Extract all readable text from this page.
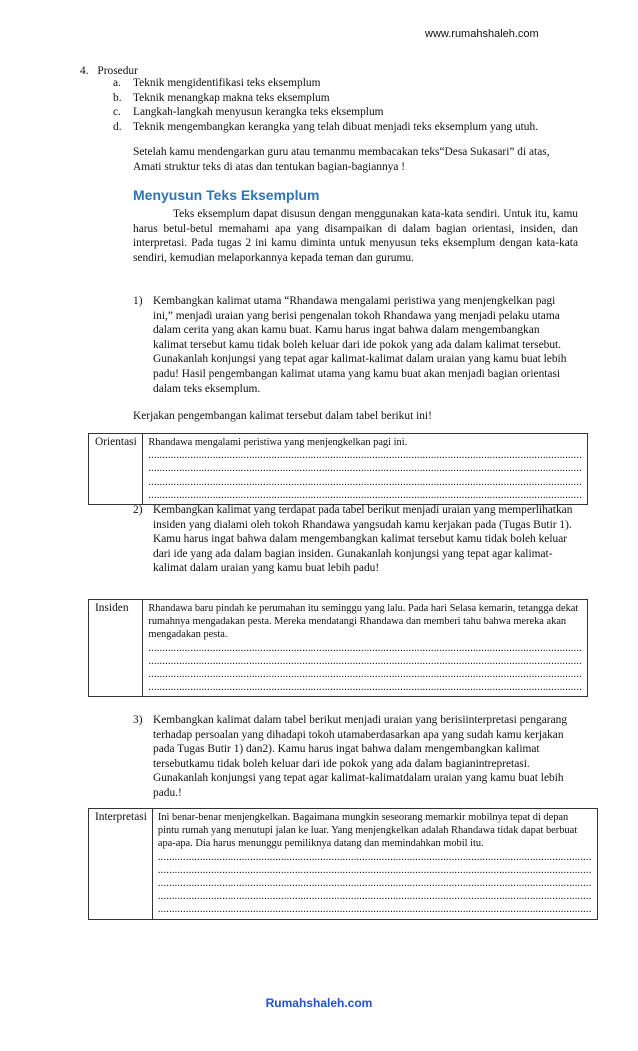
www.rumahshaleh.com
4. Prosedur
a.	Teknik mengidentifikasi teks eksemplum
b.	Teknik menangkap makna teks eksemplum
c.	Langkah-langkah menyusun kerangka teks eksemplum
d.	Teknik mengembangkan kerangka yang telah dibuat menjadi teks eksemplum yang utuh.
Setelah kamu mendengarkan guru atau temanmu membacakan teks“Desa Sukasari” di atas, Amati struktur teks di atas dan tentukan bagian-bagiannya !
Menyusun Teks Eksemplum
Teks eksemplum dapat disusun dengan menggunakan kata-kata sendiri. Untuk itu, kamu harus betul-betul memahami apa yang disampaikan di dalam bagian orientasi, insiden, dan interpretasi. Pada tugas 2 ini kamu diminta untuk menyusun teks eksemplum dengan kata-kata sendiri, kemudian melaporkannya kepada teman dan gurumu.
1) Kembangkan kalimat utama “Rhandawa mengalami peristiwa yang menjengkelkan pagi ini,” menjadi uraian yang berisi pengenalan tokoh Rhandawa yang menjadi pelaku utama dalam cerita yang akan kamu buat. Kamu harus ingat bahwa dalam mengembangkan kalimat tersebut kamu tidak boleh keluar dari ide pokok yang ada dalam kalimat tersebut. Gunakanlah konjungsi yang tepat agar kalimat-kalimat dalam uraian yang kamu buat lebih padu! Hasil pengembangan kalimat utama yang kamu buat akan menjadi bagian orientasi dalam teks eksemplum.
Kerjakan pengembangan kalimat tersebut dalam tabel berikut ini!
Orientasi	Rhandawa mengalami peristiwa yang menjengkelkan pagi ini.
...........................................................................................................................................................
...........................................................................................................................................................
...........................................................................................................................................................
...........................................................................................................................................................
2) Kembangkan kalimat yang terdapat pada tabel berikut menjadi uraian yang memperlihatkan insiden yang dialami oleh tokoh Rhandawa yangsudah kamu kerjakan pada (Tugas Butir 1). Kamu harus ingat bahwa dalam mengembangkan kalimat tersebut kamu tidak boleh keluar dari ide yang ada dalam bagian insiden. Gunakanlah konjungsi yang tepat agar kalimat-kalimat dalam uraian yang kamu buat lebih padu!
Insiden	Rhandawa baru pindah ke perumahan itu seminggu yang lalu. Pada hari Selasa kemarin, tetangga dekat rumahnya mengadakan pesta. Mereka mendatangi Rhandawa dan memberi tahu bahwa mereka akan mengadakan pesta.
...........................................................................................................................................................
...........................................................................................................................................................
...........................................................................................................................................................
...........................................................................................................................................................
3) Kembangkan kalimat dalam tabel berikut menjadi uraian yang berisiinterpretasi pengarang terhadap persoalan yang dihadapi tokoh utamaberdasarkan apa yang sudah kamu kerjakan pada Tugas Butir 1) dan2). Kamu harus ingat bahwa dalam mengembangkan kalimat tersebutkamu tidak boleh keluar dari ide pokok yang ada dalam bagianintrepretasi. Gunakanlah konjungsi yang tepat agar kalimat-kalimatdalam uraian yang kamu buat lebih padu.!
Interpretasi	Ini benar-benar menjengkelkan. Bagaimana mungkin seseorang memarkir mobilnya tepat di depan pintu rumah yang menutupi jalan ke luar. Yang menjengkelkan adalah Rhandawa tidak dapat berbuat apa-apa. Dia harus menunggu pemiliknya datang dan memindahkan mobil itu.
...........................................................................................................................................................
...........................................................................................................................................................
...........................................................................................................................................................
...........................................................................................................................................................
...........................................................................................................................................................
Rumahshaleh.com
